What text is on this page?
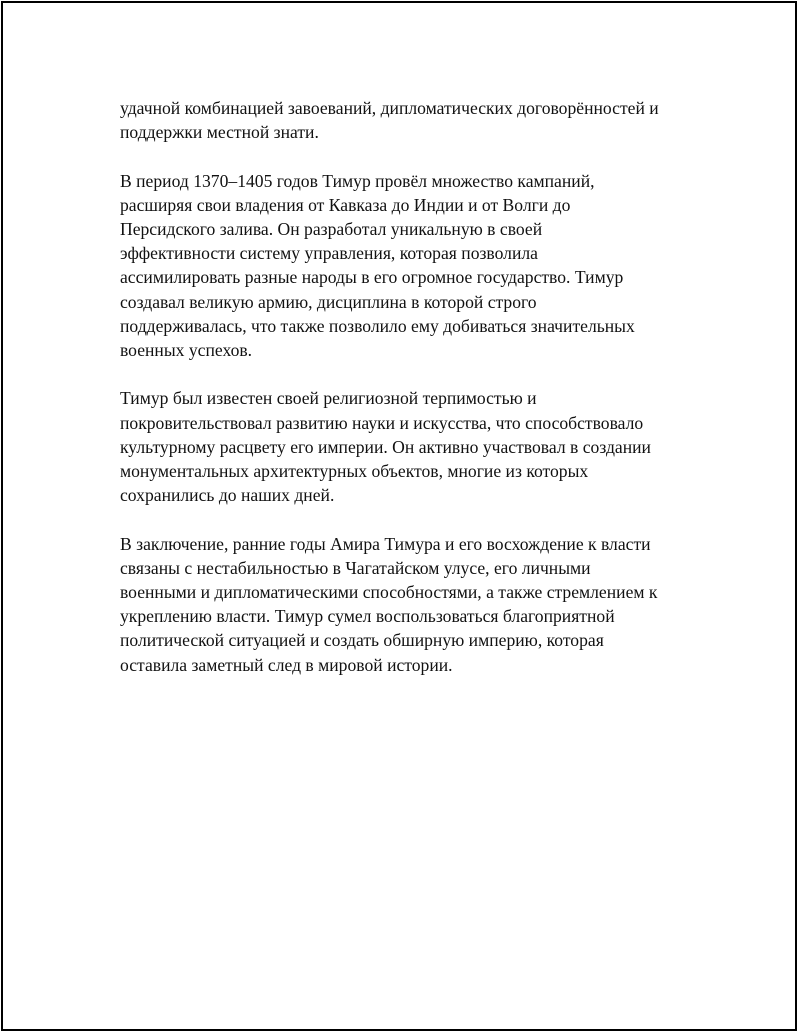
удачной комбинацией завоеваний, дипломатических договорённостей и
поддержки местной знати.

В период 1370–1405 годов Тимур провёл множество кампаний,
расширяя свои владения от Кавказа до Индии и от Волги до
Персидского залива. Он разработал уникальную в своей
эффективности систему управления, которая позволила
ассимилировать разные народы в его огромное государство. Тимур
создавал великую армию, дисциплина в которой строго
поддерживалась, что также позволило ему добиваться значительных
военных успехов.

Тимур был известен своей религиозной терпимостью и
покровительствовал развитию науки и искусства, что способствовало
культурному расцвету его империи. Он активно участвовал в создании
монументальных архитектурных объектов, многие из которых
сохранились до наших дней.

В заключение, ранние годы Амира Тимура и его восхождение к власти
связаны с нестабильностью в Чагатайском улусе, его личными
военными и дипломатическими способностями, а также стремлением к
укреплению власти. Тимур сумел воспользоваться благоприятной
политической ситуацией и создать обширную империю, которая
оставила заметный след в мировой истории.
